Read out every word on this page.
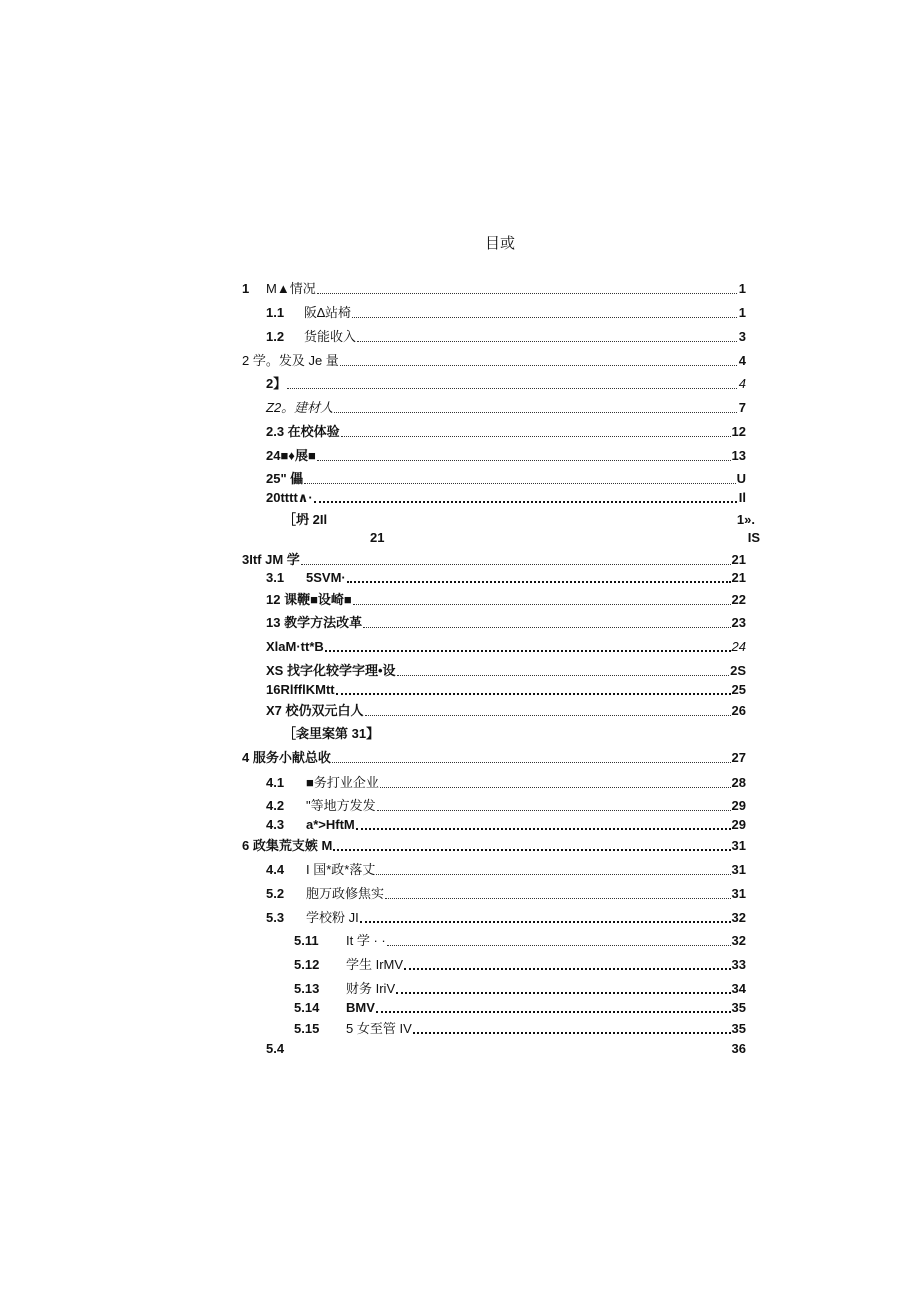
目或
1	M▲情况	1
1.1	阪∆站椅	1
1.2	货能收入	3
2 学。发及 Je 量	4
2】	4
Z2。建材人	7
2.3 在校体验	12
24■♦展■	13
25" 儡	U
20tttt∧·	Il
［坍 2Il	1».
21	IS
3Itf JM 学	21
3.1	5SVM·	21
12 课鞭■设崎■	22
13 教学方法改革	23
XlaM·tt*B	24
XS 找字化较学字理•设	2S
16RlfflKMtt	25
X7 校仍双元白人	26
［衾里案第 31】
4 服务小献总收	27
4.1	■务打业企业	28
4.2	"等地方发发	29
4.3	a*>HftM	29
6 政集荒支嫉 M	31
4.4	I 国*政*落丈	31
5.2	胞万政修焦实	31
5.3	学校粉 JI	32
5.11	It 学 · ·	32
5.12	学生 IrMV	33
5.13	财务 IriV	34
5.14	BMV	35
5.15	5 女至管 IV	35
5.4	36
